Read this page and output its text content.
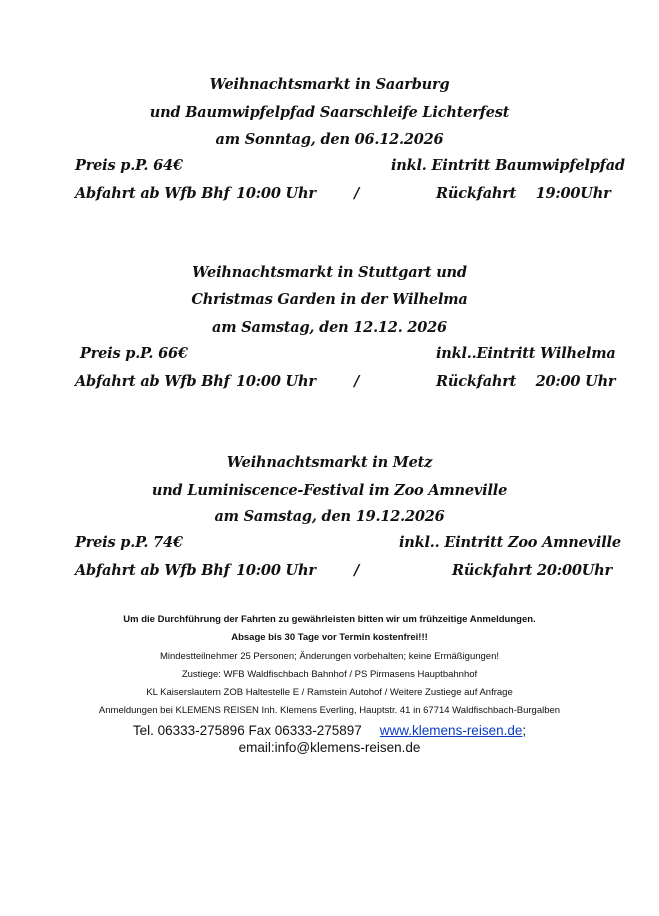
Weihnachtsmarkt in Saarburg
und Baumwipfelpfad Saarschleife Lichterfest
am Sonntag, den 06.12.2026
Preis p.P. 64€	inkl. Eintritt Baumwipfelpfad
Abfahrt ab Wfb Bhf 10:00 Uhr	/	Rückfahrt    19:00Uhr
Weihnachtsmarkt in Stuttgart und
Christmas Garden in der Wilhelma
am Samstag, den 12.12. 2026
Preis p.P. 66€	inkl..Eintritt Wilhelma
Abfahrt ab Wfb Bhf 10:00 Uhr	/	Rückfahrt    20:00 Uhr
Weihnachtsmarkt in Metz
und Luminiscence-Festival im Zoo Amneville
am Samstag, den 19.12.2026
Preis p.P. 74€	inkl.. Eintritt Zoo Amneville
Abfahrt ab Wfb Bhf 10:00 Uhr	/	Rückfahrt 20:00Uhr
Um die Durchführung der Fahrten zu gewährleisten bitten wir um frühzeitige Anmeldungen.
Absage bis 30 Tage vor Termin kostenfrei!!!
Mindestteilnehmer 25 Personen; Änderungen vorbehalten; keine Ermäßigungen!
Zustiege: WFB Waldfischbach Bahnhof / PS Pirmasens Hauptbahnhof
KL Kaiserslautern ZOB Haltestelle E / Ramstein Autohof / Weitere Zustiege auf Anfrage
Anmeldungen bei KLEMENS REISEN Inh. Klemens Everling, Hauptstr. 41 in 67714 Waldfischbach-Burgalben
Tel. 06333-275896 Fax 06333-275897 www.klemens-reisen.de;
email:info@klemens-reisen.de
